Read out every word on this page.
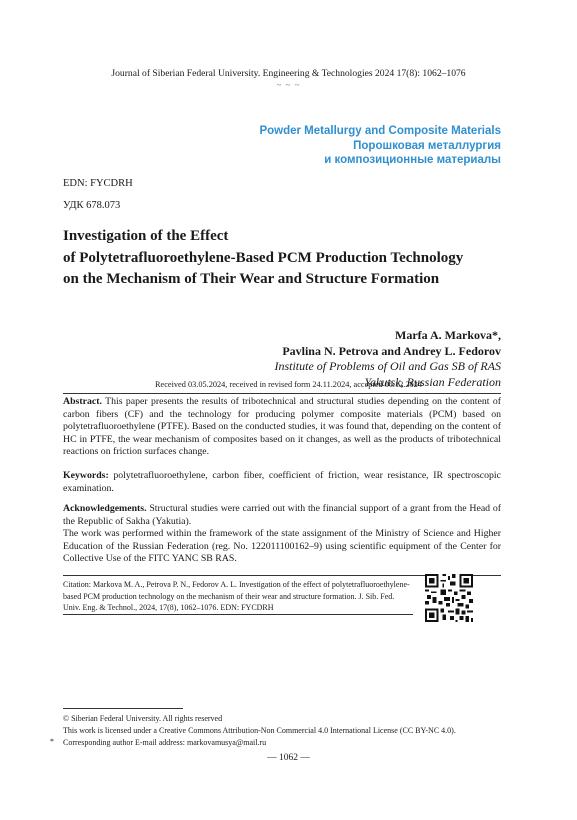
Journal of Siberian Federal University. Engineering & Technologies 2024 17(8): 1062–1076
~ ~ ~
Powder Metallurgy and Composite Materials
Порошковая металлургия
и композиционные материалы
EDN: FYCDRH
УДК 678.073
Investigation of the Effect
of Polytetrafluoroethylene-Based PCM Production Technology
on the Mechanism of Their Wear and Structure Formation
Marfa A. Markova*,
Pavlina N. Petrova and Andrey L. Fedorov
Institute of Problems of Oil and Gas SB of RAS
Yakutsk, Russian Federation
Received 03.05.2024, received in revised form 24.11.2024, accepted 06.12.2024
Abstract. This paper presents the results of tribotechnical and structural studies depending on the content of carbon fibers (CF) and the technology for producing polymer composite materials (PCM) based on polytetrafluoroethylene (PTFE). Based on the conducted studies, it was found that, depending on the content of HC in PTFE, the wear mechanism of composites based on it changes, as well as the products of tribotechnical reactions on friction surfaces change.
Keywords: polytetrafluoroethylene, carbon fiber, coefficient of friction, wear resistance, IR spectroscopic examination.
Acknowledgements. Structural studies were carried out with the financial support of a grant from the Head of the Republic of Sakha (Yakutia).
The work was performed within the framework of the state assignment of the Ministry of Science and Higher Education of the Russian Federation (reg. No. 122011100162–9) using scientific equipment of the Center for Collective Use of the FITC YANC SB RAS.
Citation: Markova M. A., Petrova P. N., Fedorov A. L. Investigation of the effect of polytetrafluoroethylene-based PCM production technology on the mechanism of their wear and structure formation. J. Sib. Fed. Univ. Eng. & Technol., 2024, 17(8), 1062–1076. EDN: FYCDRH
© Siberian Federal University. All rights reserved
This work is licensed under a Creative Commons Attribution-Non Commercial 4.0 International License (CC BY-NC 4.0).
* Corresponding author E-mail address: markovamusya@mail.ru
— 1062 —
